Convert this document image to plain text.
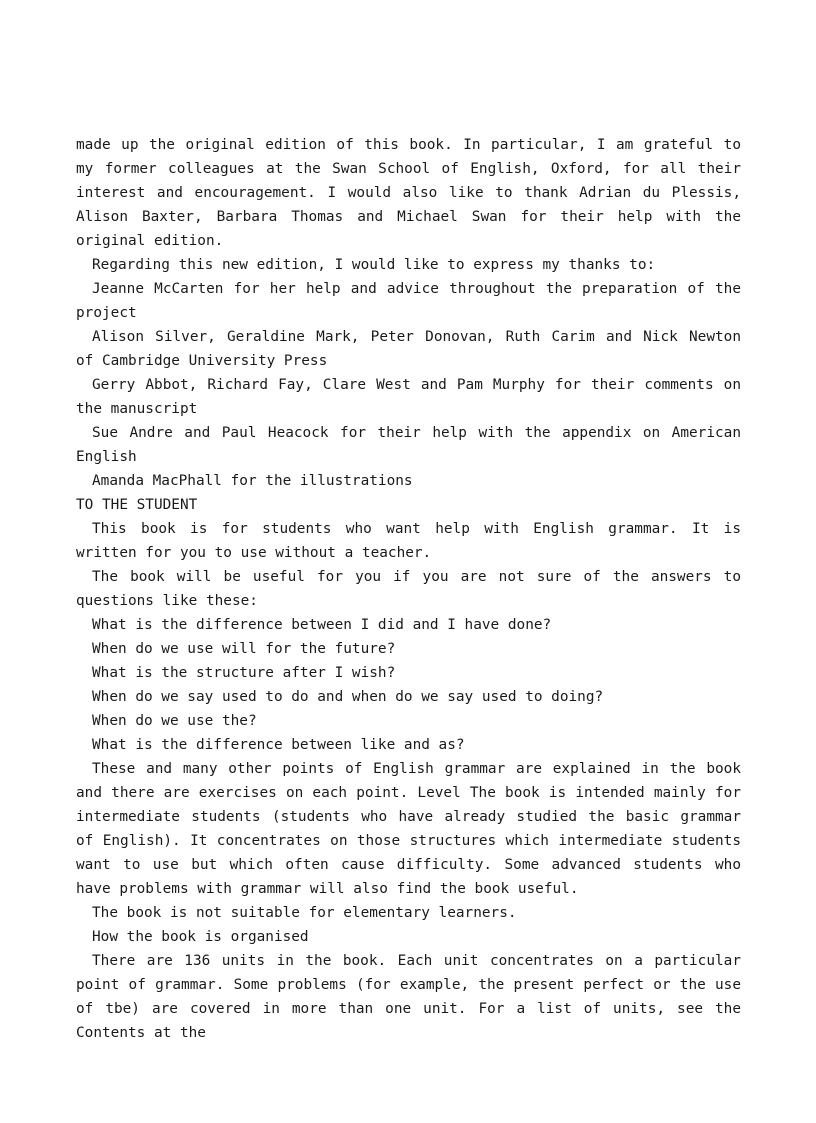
made up the original edition of this book. In particular, I am grateful to my former colleagues at the Swan School of English, Oxford, for all their interest and encouragement. I would also like to thank Adrian du Plessis, Alison Baxter, Barbara Thomas and Michael Swan for their help with the original edition.

Regarding this new edition, I would like to express my thanks to:

Jeanne McCarten for her help and advice throughout the preparation of the project

Alison Silver, Geraldine Mark, Peter Donovan, Ruth Carim and Nick Newton of Cambridge University Press

Gerry Abbot, Richard Fay, Clare West and Pam Murphy for their comments on the manuscript

Sue Andre and Paul Heacock for their help with the appendix on American English

Amanda MacPhall for the illustrations

TO THE STUDENT

This book is for students who want help with English grammar. It is written for you to use without a teacher.

The book will be useful for you if you are not sure of the answers to questions like these:

What is the difference between I did and I have done?

When do we use will for the future?

What is the structure after I wish?

When do we say used to do and when do we say used to doing?

When do we use the?

What is the difference between like and as?

These and many other points of English grammar are explained in the book and there are exercises on each point. Level The book is intended mainly for intermediate students (students who have already studied the basic grammar of English). It concentrates on those structures which intermediate students want to use but which often cause difficulty. Some advanced students who have problems with grammar will also find the book useful.

The book is not suitable for elementary learners.

How the book is organised

There are 136 units in the book. Each unit concentrates on a particular point of grammar. Some problems (for example, the present perfect or the use of tbe) are covered in more than one unit. For a list of units, see the Contents at the
